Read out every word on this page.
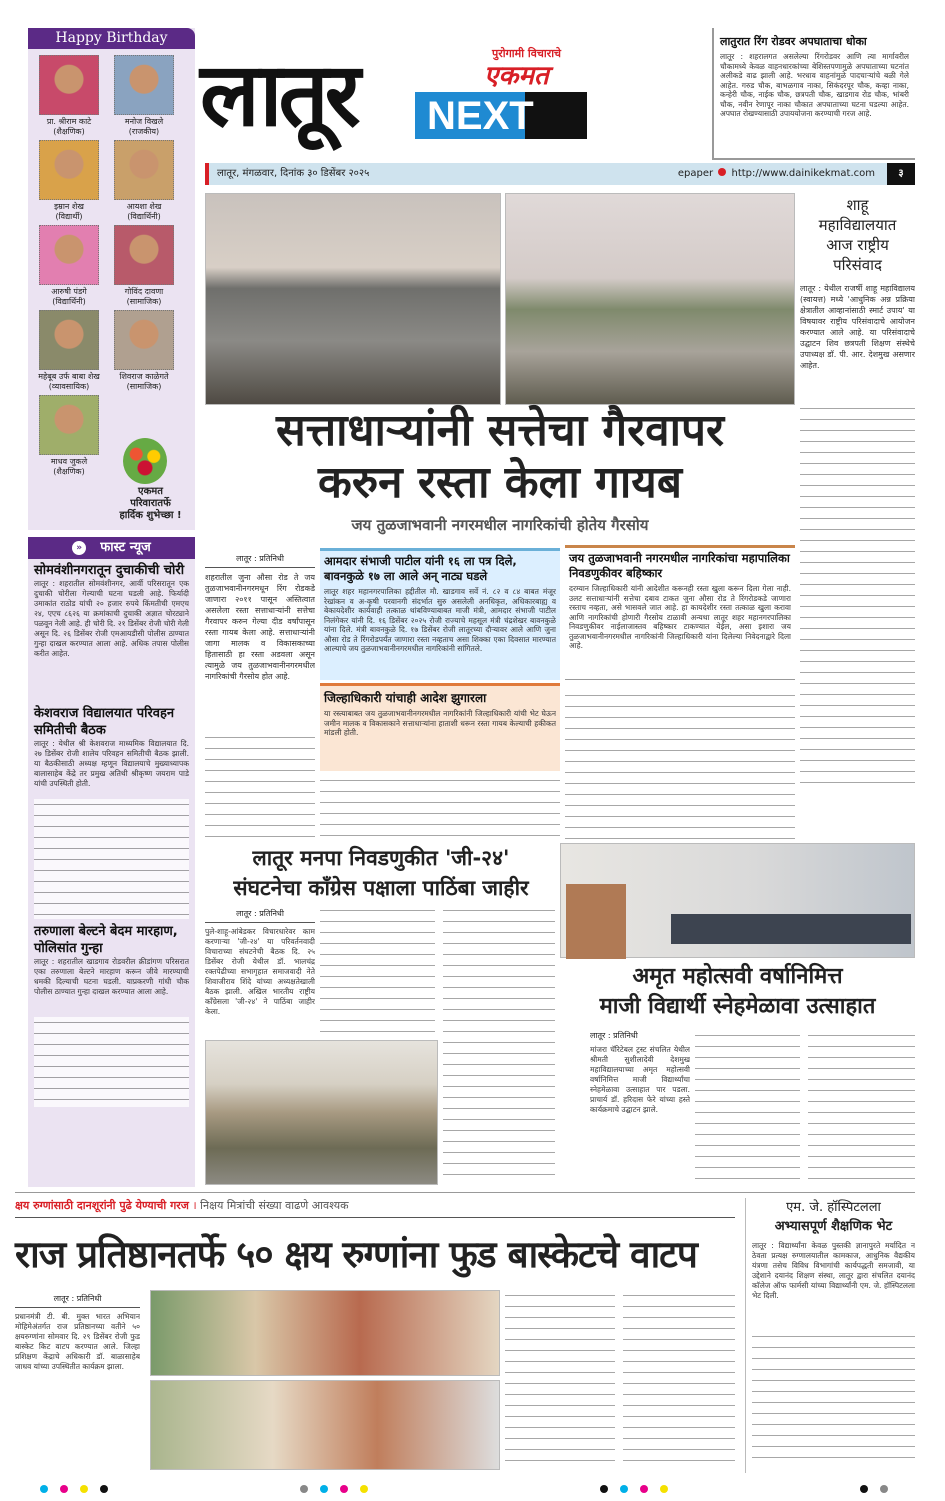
Happy Birthday
प्रा. श्रीराम काटे
(शैक्षणिक)
मनोज विखले
(राजकीय)
इम्रान शेख
(विद्यार्थी)
आयशा शेख
(विद्यार्थिनी)
आरुषी पंडगे
(विद्यार्थिनी)
गोविंद दावणा
(सामाजिक)
महेबूब उर्फ बाबा शेख
(व्यावसायिक)
शिवराज काळेगते
(सामाजिक)
माधव जुकले
(शैक्षणिक)
एकमत
परिवारातर्फे
हार्दिक शुभेच्छा !
लातूर	पुरोगामी विचाराचे
एकमत
NEXT
लातुरात रिंग रोडवर अपघाताचा धोका
लातूर : शहरालगत असलेल्या रिंगरोडवर आणि त्या मार्गावरील चौकामध्ये केवळ वाहनधारकांच्या बेशिस्तपणामुळे अपघाताच्या घटनांत अलीकडे वाढ झाली आहे. भरधाव वाहनांमुळे पादचाऱ्यांचे बळी गेले आहेत. गरुड चौक, बाभळगाव नाका, सिकंदरपूर चौक, कव्हा नाका, कन्हेरी चौक, नाईक चौक, छत्रपती चौक, खाडगाव रोड चौक, भांबरी चौक, नवीन रेणापूर नाका चौकात अपघाताच्या घटना घडल्या आहेत. अपघात रोखण्यासाठी उपाययोजना करण्याची गरज आहे.
लातूर, मंगळवार, दिनांक ३० डिसेंबर २०२५	epaper http://www.dainikekmat.com	३
शाहू
महाविद्यालयात
आज राष्ट्रीय
परिसंवाद
लातूर : येथील राजर्षी शाहू महाविद्यालय (स्वायत्त) मध्ये 'आधुनिक अन्न प्रक्रिया क्षेत्रातील आव्हानांसाठी स्मार्ट उपाय' या विषयावर राष्ट्रीय परिसंवादाचे आयोजन करण्यात आले आहे. या परिसंवादाचे उद्घाटन शिव छत्रपती शिक्षण संस्थेचे उपाध्यक्ष डॉ. पी. आर. देशमुख असणार आहेत.
सत्ताधाऱ्यांनी सत्तेचा गैरवापर
करुन रस्ता केला गायब
जय तुळजाभवानी नगरमधील नागरिकांची होतेय गैरसोय
लातूर : प्रतिनिधी
शहरातील जुना औसा रोड ते जय तुळजाभवानीनगरमधून रिंग रोडकडे जाणारा २०११ पासून अस्तित्वात असलेला रस्ता सत्ताधाऱ्यांनी सत्तेचा गैरवापर करुन गेल्या दीड वर्षांपासून रस्ता गायब केला आहे. सत्ताधाऱ्यांनी जागा मालक व विकासकाच्या हितासाठी हा रस्ता अडवला असून त्यामुळे जय तुळजाभवानीनगरमधील नागरिकांची गैरसोय होत आहे.
आमदार संभाजी पाटील यांनी १६ ला पत्र दिले, बावनकुळे १७ ला आले अन् नाट्य घडले
लातूर शहर महानगरपालिका हद्दीतील मौ. खाडगाव सर्वे नं. ८२ व ८४ बाबत मंजूर रेखांकन व अ-कृषी परवानगी संदर्भात सुरु असलेली अनधिकृत, अधिकारबाह्य व बेकायदेशीर कार्यवाही तत्काळ थांबविण्याबाबत माजी मंत्री, आमदार संभाजी पाटील निलंगेकर यांनी दि. १६ डिसेंबर २०२५ रोजी राज्याचे महसूल मंत्री चंद्रशेखर बावनकुळे यांना दिले. मंत्री बावनकुळे दि. १७ डिसेंबर रोजी लातूरच्या दौऱ्यावर आले आणि जुना औसा रोड ते रिंगरोडपर्यंत जाणारा रस्ता नव्हताच असा शिक्का एका दिवसात मारण्यात आल्याचे जय तुळजाभवानीनगरमधील नागरिकांनी सांगितले.
जिल्हाधिकारी यांचाही आदेश झुगारला
या रस्त्याबाबत जय तुळजाभवानीनगरमधील नागरिकांनी जिल्हाधिकारी यांची भेट घेऊन जमीन मालक व विकासकाने सत्ताधाऱ्यांना हाताशी धरून रस्ता गायब केल्याची हकीकत मांडली होती.
जय तुळजाभवानी नगरमधील नागरिकांचा महापालिका निवडणुकीवर बहिष्कार
दरम्यान जिल्हाधिकारी यांनी आदेशीत करूनही रस्ता खुला करून दिला गेला नाही. उलट सत्ताधाऱ्यांनी सत्तेचा दबाव टाकत जुना औसा रोड ते रिंगरोडकडे जाणारा रस्ताच नव्हता, असे भासवले जात आहे. हा कायदेशीर रस्ता तत्काळ खुला करावा आणि नागरिकांची होणारी गैरसोय टाळावी अन्यथा लातूर शहर महानगरपालिका निवडणुकीवर नाईलाजास्तव बहिष्कार टाकण्यात येईल, असा इशारा जय तुळजाभवानीनगरमधील नागरिकांनी जिल्हाधिकारी यांना दिलेल्या निवेदनाद्वारे दिला आहे.
» फास्ट न्यूज
सोमवंशीनगरातून दुचाकीची चोरी
लातूर : शहरातील सोमवंशीनगर, आर्वी परिसरातून एक दुचाकी चोरीला गेल्याची घटना घडली आहे. फिर्यादी उमाकांत राठोड यांची २० हजार रुपये किंमतीची एमएच २४, एएच ८६२६ या क्रमांकाची दुचाकी अज्ञात चोरट्याने पळवून नेली आहे. ही चोरी दि. २१ डिसेंबर रोजी चोरी गेली असून दि. २६ डिसेंबर रोजी एमआयडीसी पोलीस ठाण्यात गुन्हा दाखल करण्यात आला आहे. अधिक तपास पोलीस करीत आहेत.
केशवराज विद्यालयात परिवहन समितीची बैठक
लातूर : येथील श्री केशवराज माध्यमिक विद्यालयात दि. २७ डिसेंबर रोजी शालेय परिवहन समितीची बैठक झाली. या बैठकीसाठी अध्यक्ष म्हणून विद्यालयाचे मुख्याध्यापक बालासाहेब केंद्रे तर प्रमुख अतिथी श्रीकृष्ण जयराम पाडे यांची उपस्थिती होती.
तरुणाला बेल्टने बेदम मारहाण, पोलिसांत गुन्हा
लातूर : शहरातील खाडगाव रोडवरील क्रीडांगण परिसरात एका तरुणाला बेल्टने मारहाण करून जीवे मारण्याची धमकी दिल्याची घटना घडली. याप्रकरणी गांधी चौक पोलीस ठाण्यात गुन्हा दाखल करण्यात आला आहे.
लातूर मनपा निवडणुकीत 'जी-२४'
संघटनेचा काँग्रेस पक्षाला पाठिंबा जाहीर
लातूर : प्रतिनिधी
पुले-शाहू-आंबेडकर विचारधारेवर काम करणाऱ्या 'जी-२४' या परिवर्तनवादी विचाराच्या संघटनेची बैठक दि. २५ डिसेंबर रोजी येथील डॉ. भालचंद्र रक्तपेढीच्या सभागृहात समाजवादी नेते शिवाजीराव शिंदे यांच्या अध्यक्षतेखाली बैठक झाली. अखिल भारतीय राष्ट्रीय काँग्रेसला 'जी-२४' ने पाठिंबा जाहीर केला.
अमृत महोत्सवी वर्षानिमित्त
माजी विद्यार्थी स्नेहमेळावा उत्साहात
लातूर : प्रतिनिधी
मांजरा चॅरिटेबल ट्रस्ट संचलित येथील श्रीमती सुशीलादेवी देशमुख महाविद्यालयाच्या अमृत महोत्सवी वर्षानिमित्त माजी विद्यार्थ्यांचा स्नेहमेळावा उत्साहात पार पडला. प्राचार्य डॉ. हरिदास फेरे यांच्या हस्ते कार्यक्रमाचे उद्घाटन झाले.
क्षय रुग्णांसाठी दानशूरांनी पुढे येण्याची गरज । निक्षय मित्रांची संख्या वाढणे आवश्यक
राज प्रतिष्ठानतर्फे ५० क्षय रुग्णांना फुड बास्केटचे वाटप
लातूर : प्रतिनिधी
प्रधानमंत्री टी. बी. मुक्त भारत अभियान मोहिमेअंतर्गत राज प्रतिष्ठानच्या वतीने ५० क्षयरुग्णांना सोमवार दि. २९ डिसेंबर रोजी फुड बास्केट किट वाटप करण्यात आले. जिल्हा प्रशिक्षण केंद्राचे अधिकारी डॉ. बाळासाहेब जाधव यांच्या उपस्थितीत कार्यक्रम झाला.
एम. जे. हॉस्पिटलला
अभ्यासपूर्ण शैक्षणिक भेट
लातूर : विद्यार्थ्यांना केवळ पुस्तकी ज्ञानापुरते मर्यादित न ठेवता प्रत्यक्ष रुग्णालयातील कामकाज, आधुनिक वैद्यकीय यंत्रणा तसेच विविध विभागांची कार्यपद्धती समजावी, या उद्देशाने दयानंद शिक्षण संस्था, लातूर द्वारा संचलित दयानंद कॉलेज ऑफ फार्मसी यांच्या विद्यार्थ्यांनी एम. जे. हॉस्पिटलला भेट दिली.
